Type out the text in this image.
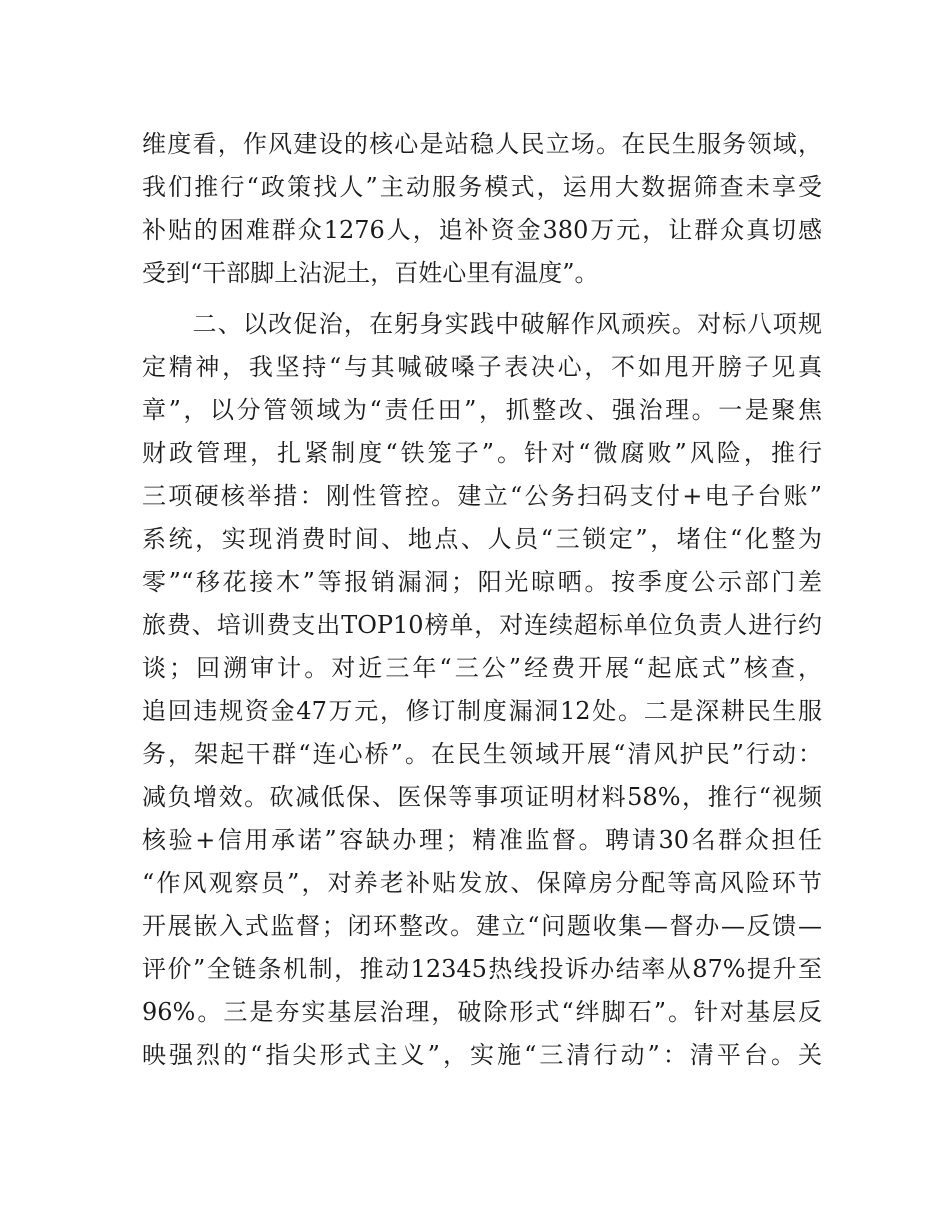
维度看，作风建设的核心是站稳人民立场。在民生服务领域，
我们推行“政策找人”主动服务模式，运用大数据筛查未享受
补贴的困难群众1276人，追补资金380万元，让群众真切感
受到“干部脚上沾泥土，百姓心里有温度”。
　　二、以改促治，在躬身实践中破解作风顽疾。对标八项规
定精神，我坚持“与其喊破嗓子表决心，不如甩开膀子见真
章”，以分管领域为“责任田”，抓整改、强治理。一是聚焦
财政管理，扎紧制度“铁笼子”。针对“微腐败”风险，推行
三项硬核举措：刚性管控。建立“公务扫码支付+电子台账”
系统，实现消费时间、地点、人员“三锁定”，堵住“化整为
零”“移花接木”等报销漏洞；阳光晾晒。按季度公示部门差
旅费、培训费支出TOP10榜单，对连续超标单位负责人进行约
谈；回溯审计。对近三年“三公”经费开展“起底式”核查，
追回违规资金47万元，修订制度漏洞12处。二是深耕民生服
务，架起干群“连心桥”。在民生领域开展“清风护民”行动：
减负增效。砍减低保、医保等事项证明材料58%，推行“视频
核验+信用承诺”容缺办理；精准监督。聘请30名群众担任
“作风观察员”，对养老补贴发放、保障房分配等高风险环节
开展嵌入式监督；闭环整改。建立“问题收集—督办—反馈—
评价”全链条机制，推动12345热线投诉办结率从87%提升至
96%。三是夯实基层治理，破除形式“绊脚石”。针对基层反
映强烈的“指尖形式主义”，实施“三清行动”：清平台。关
